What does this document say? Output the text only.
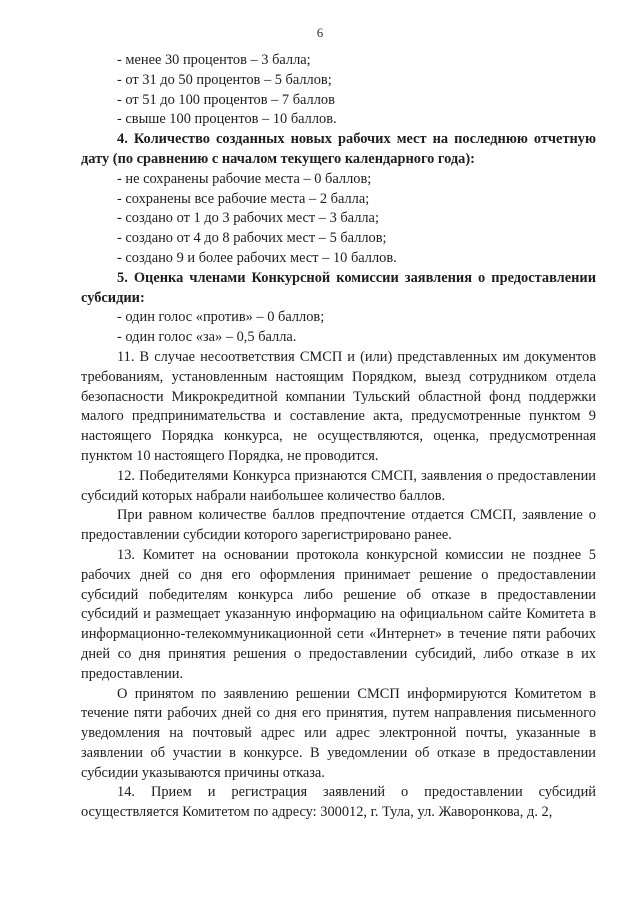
6

- менее 30 процентов – 3 балла;

- от 31 до 50 процентов – 5 баллов;

- от 51 до 100 процентов – 7 баллов

- свыше 100 процентов – 10 баллов.

4. Количество созданных новых рабочих мест на последнюю отчетную дату (по сравнению с началом текущего календарного года):

- не сохранены рабочие места – 0 баллов;

- сохранены все рабочие места – 2 балла;

- создано от 1 до 3 рабочих мест – 3 балла;

- создано от 4 до 8 рабочих мест – 5 баллов;

- создано 9 и более рабочих мест – 10 баллов.

5. Оценка членами Конкурсной комиссии заявления о предоставлении субсидии:

- один голос «против» – 0 баллов;

- один голос «за» – 0,5 балла.

11. В случае несоответствия СМСП и (или) представленных им документов требованиям, установленным настоящим Порядком, выезд сотрудником отдела безопасности Микрокредитной компании Тульский областной фонд поддержки малого предпринимательства и составление акта, предусмотренные пунктом 9 настоящего Порядка конкурса, не осуществляются, оценка, предусмотренная пунктом 10 настоящего Порядка, не проводится.

12. Победителями Конкурса признаются СМСП, заявления о предоставлении субсидий которых набрали наибольшее количество баллов.

При равном количестве баллов предпочтение отдается СМСП, заявление о предоставлении субсидии которого зарегистрировано ранее.

13. Комитет на основании протокола конкурсной комиссии не позднее 5 рабочих дней со дня его оформления принимает решение о предоставлении субсидий победителям конкурса либо решение об отказе в предоставлении субсидий и размещает указанную информацию на официальном сайте Комитета в информационно-телекоммуникационной сети «Интернет» в течение пяти рабочих дней со дня принятия решения о предоставлении субсидий, либо отказе в их предоставлении.

О принятом по заявлению решении СМСП информируются Комитетом в течение пяти рабочих дней со дня его принятия, путем направления письменного уведомления на почтовый адрес или адрес электронной почты, указанные в заявлении об участии в конкурсе. В уведомлении об отказе в предоставлении субсидии указываются причины отказа.

14. Прием и регистрация заявлений о предоставлении субсидий осуществляется Комитетом по адресу: 300012, г. Тула, ул. Жаворонкова, д. 2,
